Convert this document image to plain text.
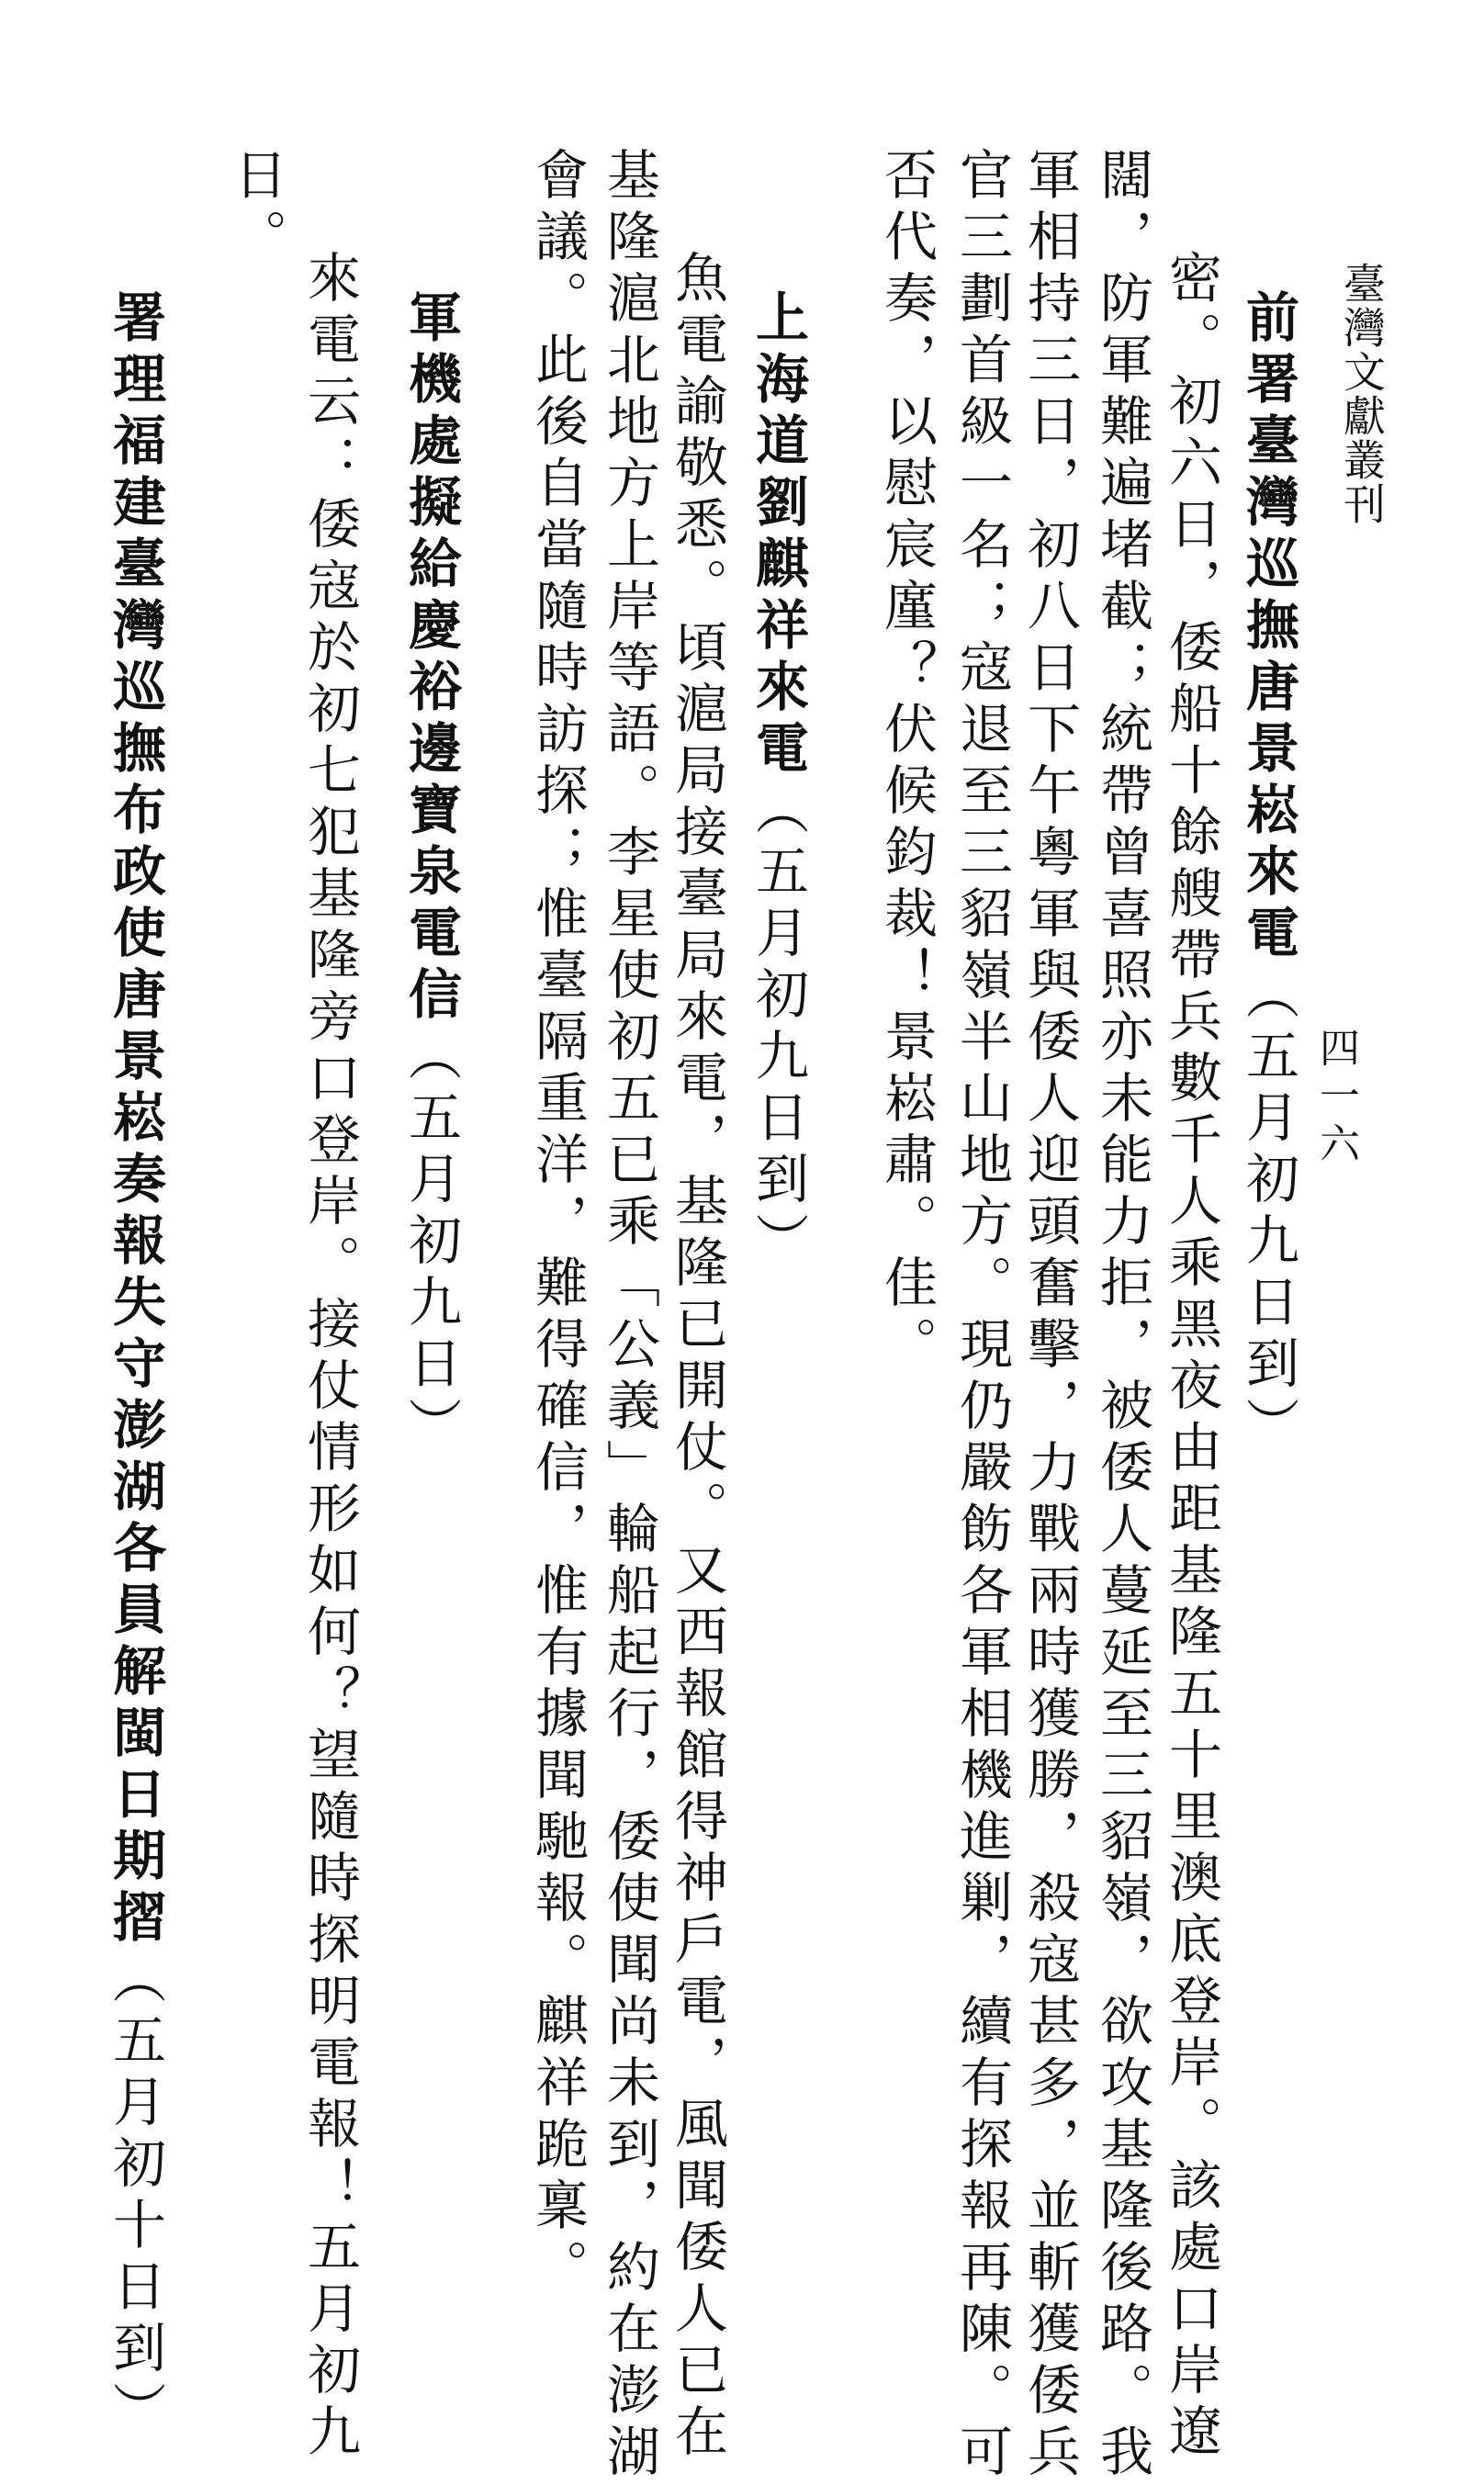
臺灣文獻叢刊
四一六
前署臺灣巡撫唐景崧來電（五月初九日到）
密。初六日，倭船十餘艘帶兵數千人乘黑夜由距基隆五十里澳底登岸。該處口岸遼
闊，防軍難遍堵截；統帶曾喜照亦未能力拒，被倭人蔓延至三貂嶺，欲攻基隆後路。我
軍相持三日，初八日下午粵軍與倭人迎頭奮擊，力戰兩時獲勝，殺寇甚多，並斬獲倭兵
官三劃首級一名；寇退至三貂嶺半山地方。現仍嚴飭各軍相機進剿，續有探報再陳。可
否代奏，以慰宸廑？伏候鈞裁！景崧肅。佳。
上海道劉麒祥來電（五月初九日到）
魚電諭敬悉。頃滬局接臺局來電，基隆已開仗。又西報館得神戶電，風聞倭人已在
基隆滬北地方上岸等語。李星使初五已乘「公義」輪船起行，倭使聞尚未到，約在澎湖
會議。此後自當隨時訪探；惟臺隔重洋，難得確信，惟有據聞馳報。麒祥跪稟。
軍機處擬給慶裕邊寶泉電信（五月初九日）
來電云：倭寇於初七犯基隆旁口登岸。接仗情形如何？望隨時探明電報！五月初九
日。
署理福建臺灣巡撫布政使唐景崧奏報失守澎湖各員解閩日期摺（五月初十日到）
